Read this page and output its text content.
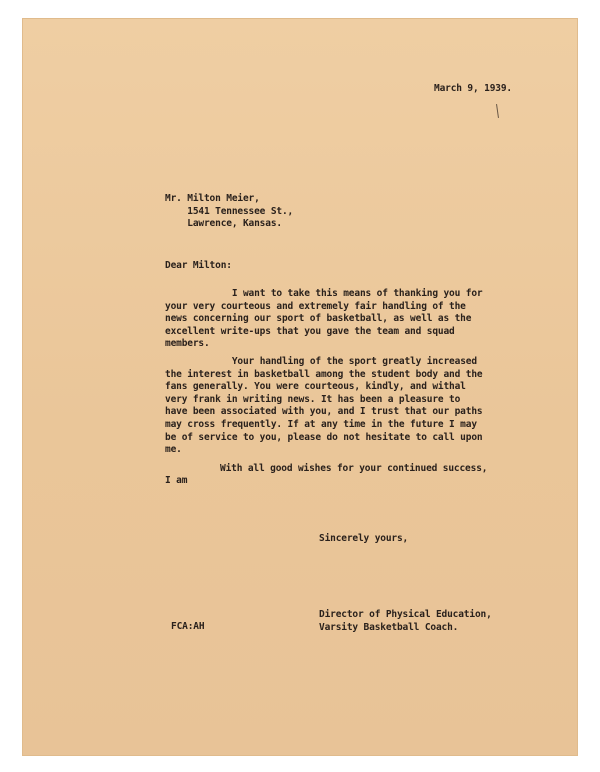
March 9, 1939.
Mr. Milton Meier,
1541 Tennessee St.,
Lawrence, Kansas.
Dear Milton:
I want to take this means of thanking you for
your very courteous and extremely fair handling of the
news concerning our sport of basketball, as well as the
excellent write-ups that you gave the team and squad
members.
Your handling of the sport greatly increased
the interest in basketball among the student body and the
fans generally. You were courteous, kindly, and withal
very frank in writing news. It has been a pleasure to
have been associated with you, and I trust that our paths
may cross frequently. If at any time in the future I may
be of service to you, please do not hesitate to call upon
me.
With all good wishes for your continued success,
I am
Sincerely yours,
Director of Physical Education,
Varsity Basketball Coach.
FCA:AH
